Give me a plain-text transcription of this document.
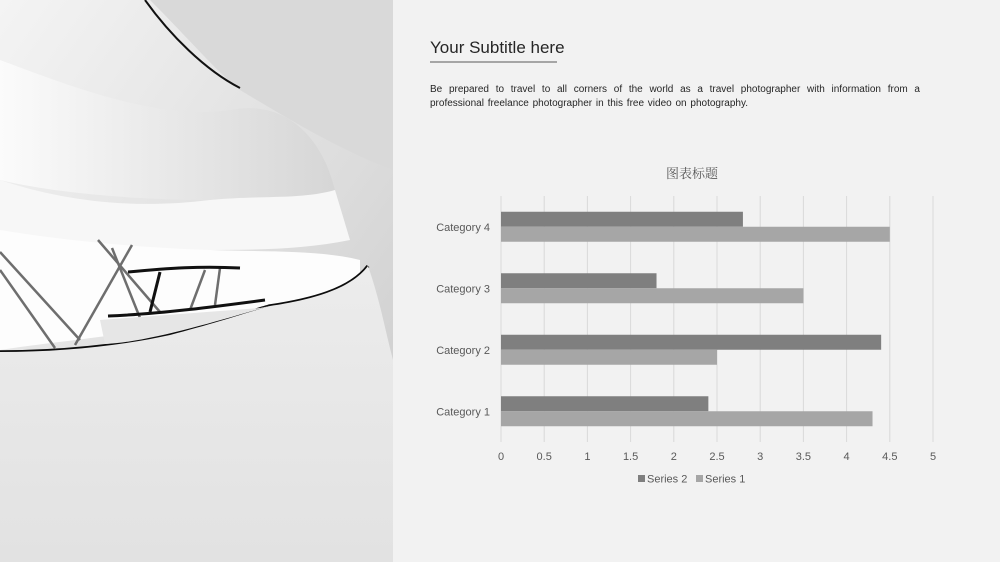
Your Subtitle here
Be prepared to travel to all corners of the world as a travel photographer with information from a professional freelance photographer in this free video on photography.
图表标题
0	0.5	1	1.5	2	2.5	3	3.5	4	4.5	5
Category 1
Category 2
Category 3
Category 4
Series 2 Series 1
